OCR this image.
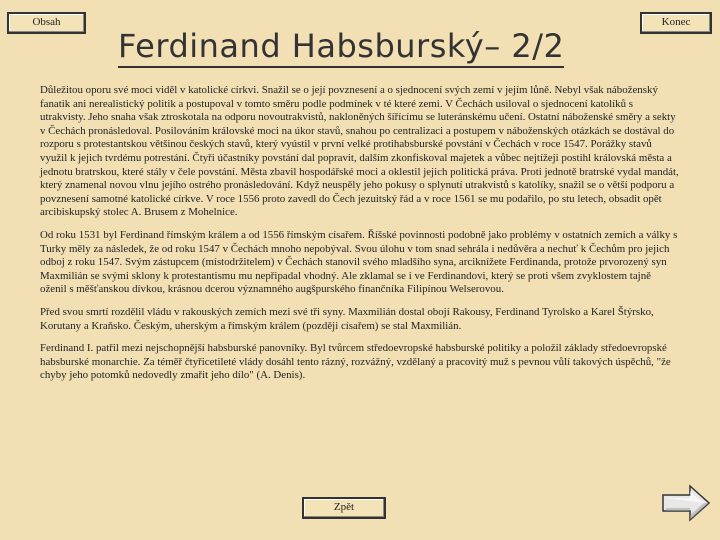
Obsah	Konec
Ferdinand Habsburský– 2/2

Důležitou oporu své moci viděl v katolické církvi. Snažil se o její povznesení a o sjednocení svých zemí v jejím lůně. Nebyl však náboženský fanatik ani nerealistický politik a postupoval v tomto směru podle podmínek v té které zemi. V Čechách usiloval o sjednocení katolíků s utrakvisty. Jeho snaha však ztroskotala na odporu novoutrakvistů, nakloněných šířícímu se luteránskému učení. Ostatní náboženské směry a sekty v Čechách pronásledoval. Posilováním královské moci na úkor stavů, snahou po centralizaci a postupem v náboženských otázkách se dostával do rozporu s protestantskou většinou českých stavů, který vyústil v první velké protihabsburské povstání v Čechách v roce 1547. Porážky stavů využil k jejich tvrdému potrestání. Čtyři účastníky povstání dal popravit, dalším zkonfiskoval majetek a vůbec nejtížeji postihl královská města a jednotu bratrskou, které stály v čele povstání. Města zbavil hospodářské moci a oklestil jejich politická práva. Proti jednotě bratrské vydal mandát, který znamenal novou vlnu jejího ostrého pronásledování. Když neuspěly jeho pokusy o splynutí utrakvistů s katolíky, snažil se o větší podporu a povznesení samotné katolické církve. V roce 1556 proto zavedl do Čech jezuitský řád a v roce 1561 se mu podařilo, po stu letech, obsadit opět arcibiskupský stolec A. Brusem z Mohelnice.

Od roku 1531 byl Ferdinand římským králem a od 1556 římským císařem. Říšské povinnosti podobně jako problémy v ostatních zemích a války s Turky měly za následek, že od roku 1547 v Čechách mnoho nepobýval. Svou úlohu v tom snad sehrála i nedůvěra a nechuť k Čechům pro jejich odboj z roku 1547. Svým zástupcem (místodržitelem) v Čechách stanovil svého mladšího syna, arciknížete Ferdinanda, protože prvorozený syn Maxmilián se svými sklony k protestantismu mu nepřipadal vhodný. Ale zklamal se i ve Ferdinandovi, který se proti všem zvyklostem tajně oženil s měšťanskou dívkou, krásnou dcerou významného augšpurského finančníka Filipínou Welserovou.

Před svou smrtí rozdělil vládu v rakouských zemích mezi své tři syny. Maxmilián dostal obojí Rakousy, Ferdinand Tyrolsko a Karel Štýrsko, Korutany a Kraňsko. Českým, uherským a římským králem (později císařem) se stal Maxmilián.

Ferdinand I. patřil mezi nejschopnější habsburské panovníky. Byl tvůrcem středoevropské habsburské politiky a položil základy středoevropské habsburské monarchie. Za téměř čtyřicetileté vlády dosáhl tento rázný, rozvážný, vzdělaný a pracovitý muž s pevnou vůlí takových úspěchů, "že chyby jeho potomků nedovedly zmařit jeho dílo" (A. Denis).

Zpět
